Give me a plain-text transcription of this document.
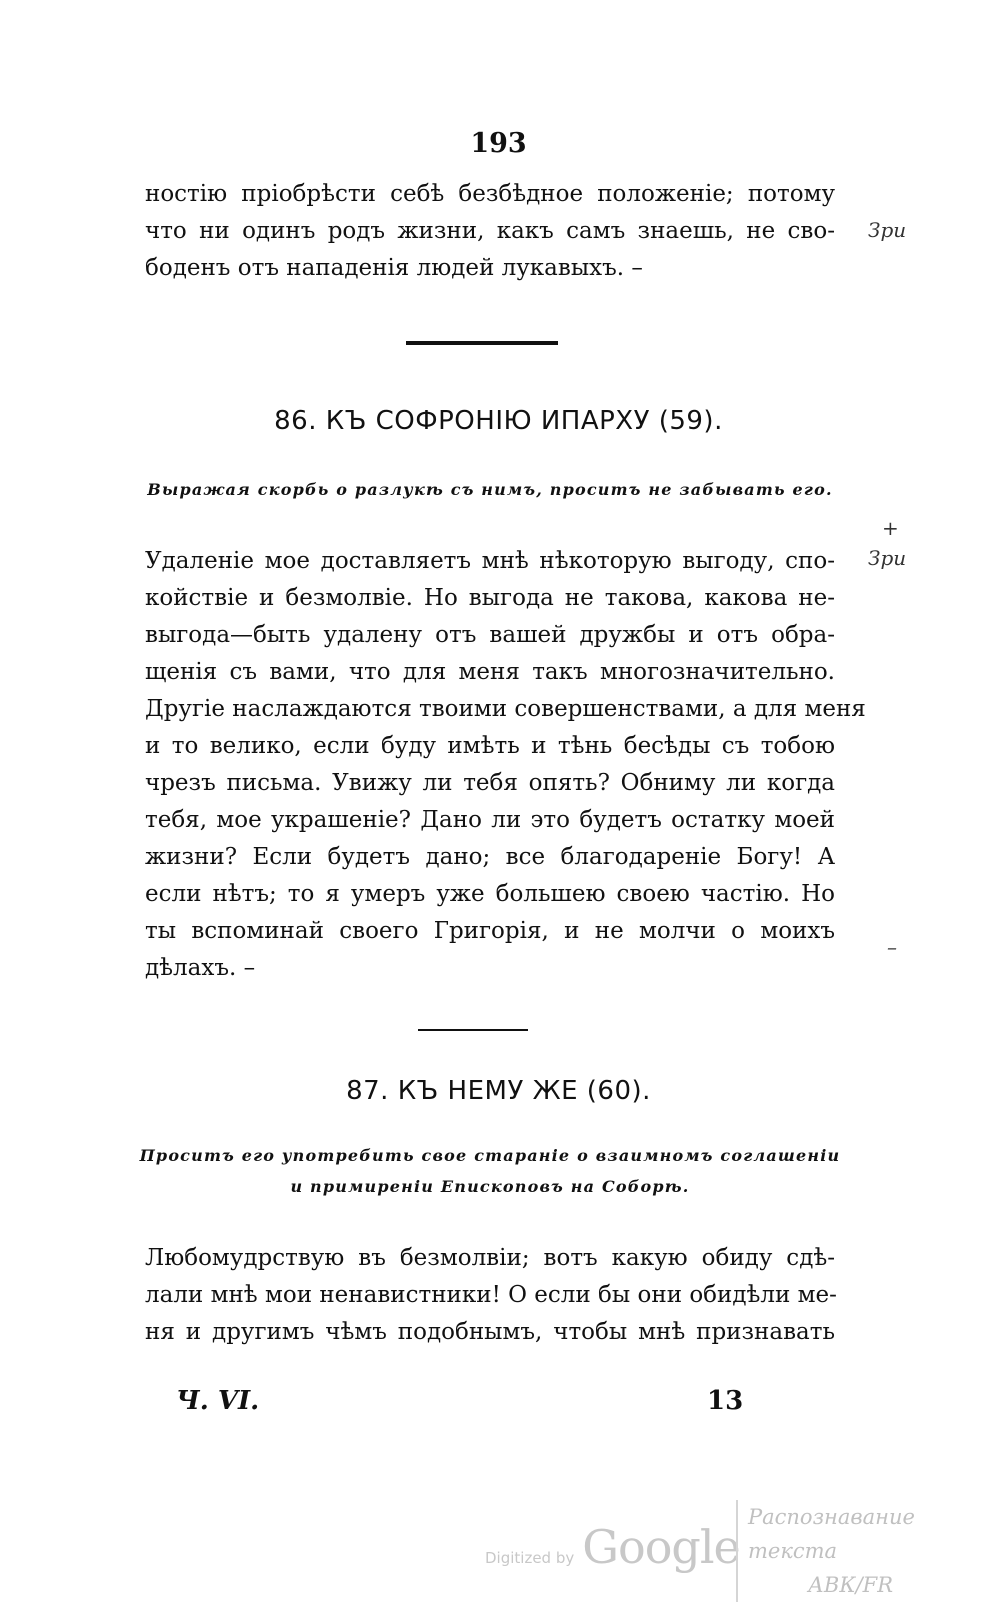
193
ностію пріобрѣсти себѣ безбѣдное положеніе; потому
что ни одинъ родъ жизни, какъ самъ знаешь, не сво-
боденъ отъ нападенія людей лукавыхъ. –
86. КЪ СОФРОНІЮ ИПАРХУ (59).
Выражая скорбь о разлукѣ съ нимъ, проситъ не забывать его.
Удаленіе мое доставляетъ мнѣ нѣкоторую выгоду, спо-
койствіе и безмолвіе. Но выгода не такова, какова не-
выгода—быть удалену отъ вашей дружбы и отъ обра-
щенія съ вами, что для меня такъ многозначительно.
Другіе наслаждаются твоими совершенствами, а для меня
и то велико, если буду имѣть и тѣнь бесѣды съ тобою
чрезъ письма. Увижу ли тебя опять? Обниму ли когда
тебя, мое украшеніе? Дано ли это будетъ остатку моей
жизни? Если будетъ дано; все благодареніе Богу! А
если нѣтъ; то я умеръ уже большею своею частію. Но
ты вспоминай своего Григорія, и не молчи о моихъ
дѣлахъ. –
87. КЪ НЕМУ ЖЕ (60).
Проситъ его употребить свое стараніе о взаимномъ соглашеніи
и примиреніи Епископовъ на Соборѣ.
Любомудрствую въ безмолвіи; вотъ какую обиду сдѣ-
лали мнѣ мои ненавистники! О если бы они обидѣли ме-
ня и другимъ чѣмъ подобнымъ, чтобы мнѣ признавать
Ч. VI.	13
Зри
+
Зри
–
Digitized by Google
Распознавание текста
АВК/FR
